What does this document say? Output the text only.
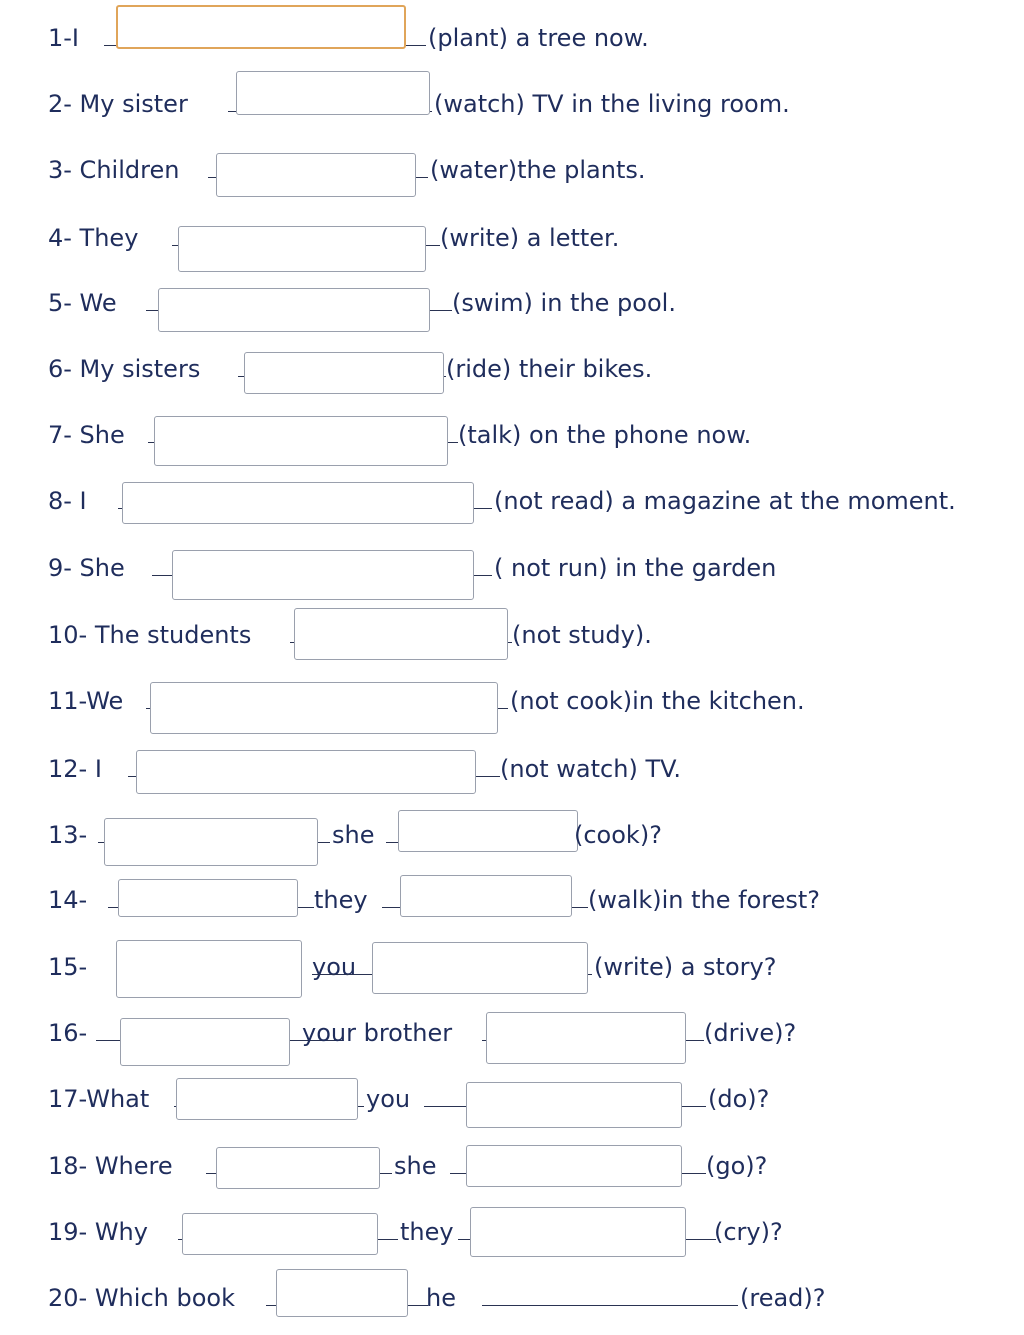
1-I	(plant) a tree now.
2- My sister	(watch) TV in the living room.
3- Children	(water)the plants.
4- They	(write) a letter.
5- We	(swim) in the pool.
6- My sisters	(ride) their bikes.
7- She	(talk) on the phone now.
8- I	(not read) a magazine at the moment.
9- She	( not run) in the garden
10- The students	(not study).
11-We	(not cook)in the kitchen.
12- I	(not watch) TV.
13-	she	(cook)?
14-	they	(walk)in the forest?
15-	you	(write) a story?
16-	your brother	(drive)?
17-What	you	(do)?
18- Where	she	(go)?
19- Why	they	(cry)?
20- Which book	he	(read)?
